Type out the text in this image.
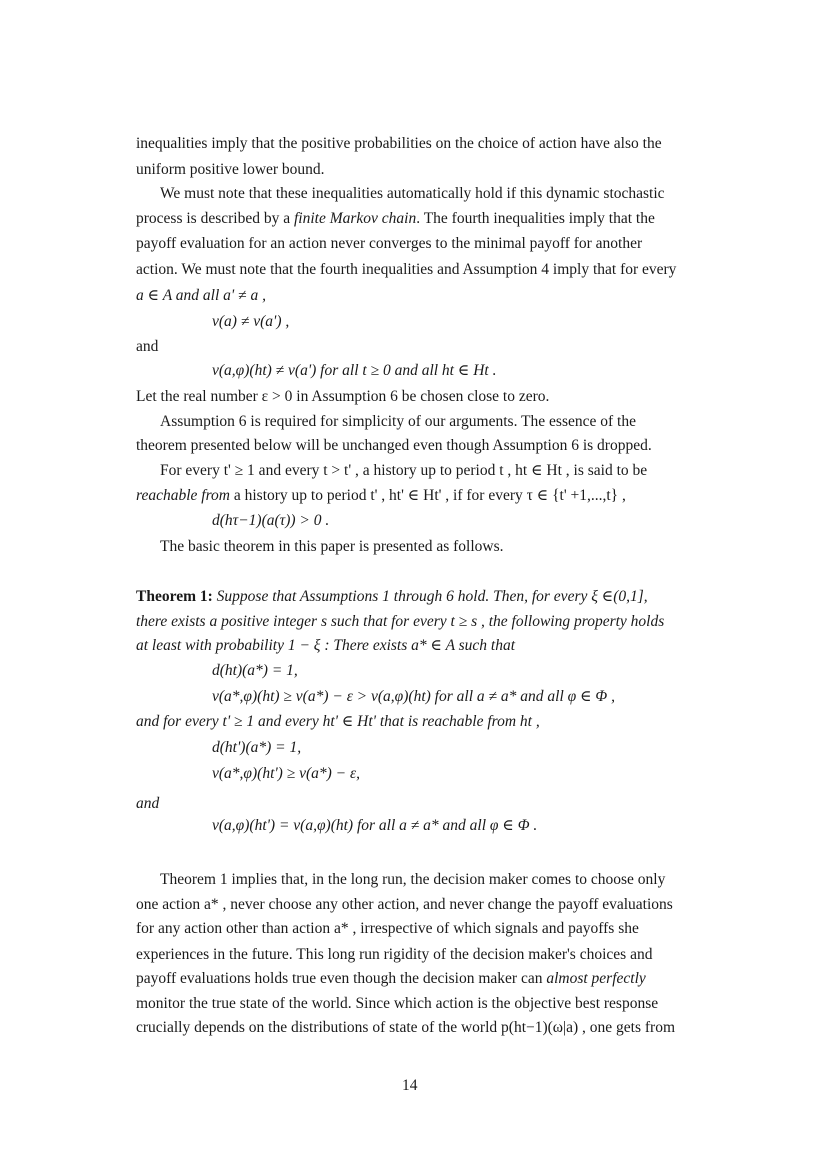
inequalities imply that the positive probabilities on the choice of action have also the
uniform positive lower bound.
We must note that these inequalities automatically hold if this dynamic stochastic
process is described by a finite Markov chain. The fourth inequalities imply that the
payoff evaluation for an action never converges to the minimal payoff for another
action. We must note that the fourth inequalities and Assumption 4 imply that for every
a ∈ A and all a' ≠ a ,
v(a) ≠ v(a') ,
and
v(a,φ)(ht) ≠ v(a') for all t ≥ 0 and all ht ∈ Ht .
Let the real number ε > 0 in Assumption 6 be chosen close to zero.
Assumption 6 is required for simplicity of our arguments. The essence of the
theorem presented below will be unchanged even though Assumption 6 is dropped.
For every t' ≥ 1 and every t > t' , a history up to period t , ht ∈ Ht , is said to be
reachable from a history up to period t' , ht' ∈ Ht' , if for every τ ∈ {t' +1,...,t} ,
d(hτ−1)(a(τ)) > 0 .
The basic theorem in this paper is presented as follows.
Theorem 1: Suppose that Assumptions 1 through 6 hold. Then, for every ξ ∈(0,1],
there exists a positive integer s such that for every t ≥ s , the following property holds
at least with probability 1 − ξ : There exists a* ∈ A such that
d(ht)(a*) = 1,
v(a*,φ)(ht) ≥ v(a*) − ε > v(a,φ)(ht) for all a ≠ a* and all φ ∈ Φ ,
and for every t' ≥ 1 and every ht' ∈ Ht' that is reachable from ht ,
d(ht')(a*) = 1,
v(a*,φ)(ht') ≥ v(a*) − ε,
and
v(a,φ)(ht') = v(a,φ)(ht) for all a ≠ a* and all φ ∈ Φ .
Theorem 1 implies that, in the long run, the decision maker comes to choose only
one action a* , never choose any other action, and never change the payoff evaluations
for any action other than action a* , irrespective of which signals and payoffs she
experiences in the future. This long run rigidity of the decision maker's choices and
payoff evaluations holds true even though the decision maker can almost perfectly
monitor the true state of the world. Since which action is the objective best response
crucially depends on the distributions of state of the world p(ht−1)(ω|a) , one gets from
14
